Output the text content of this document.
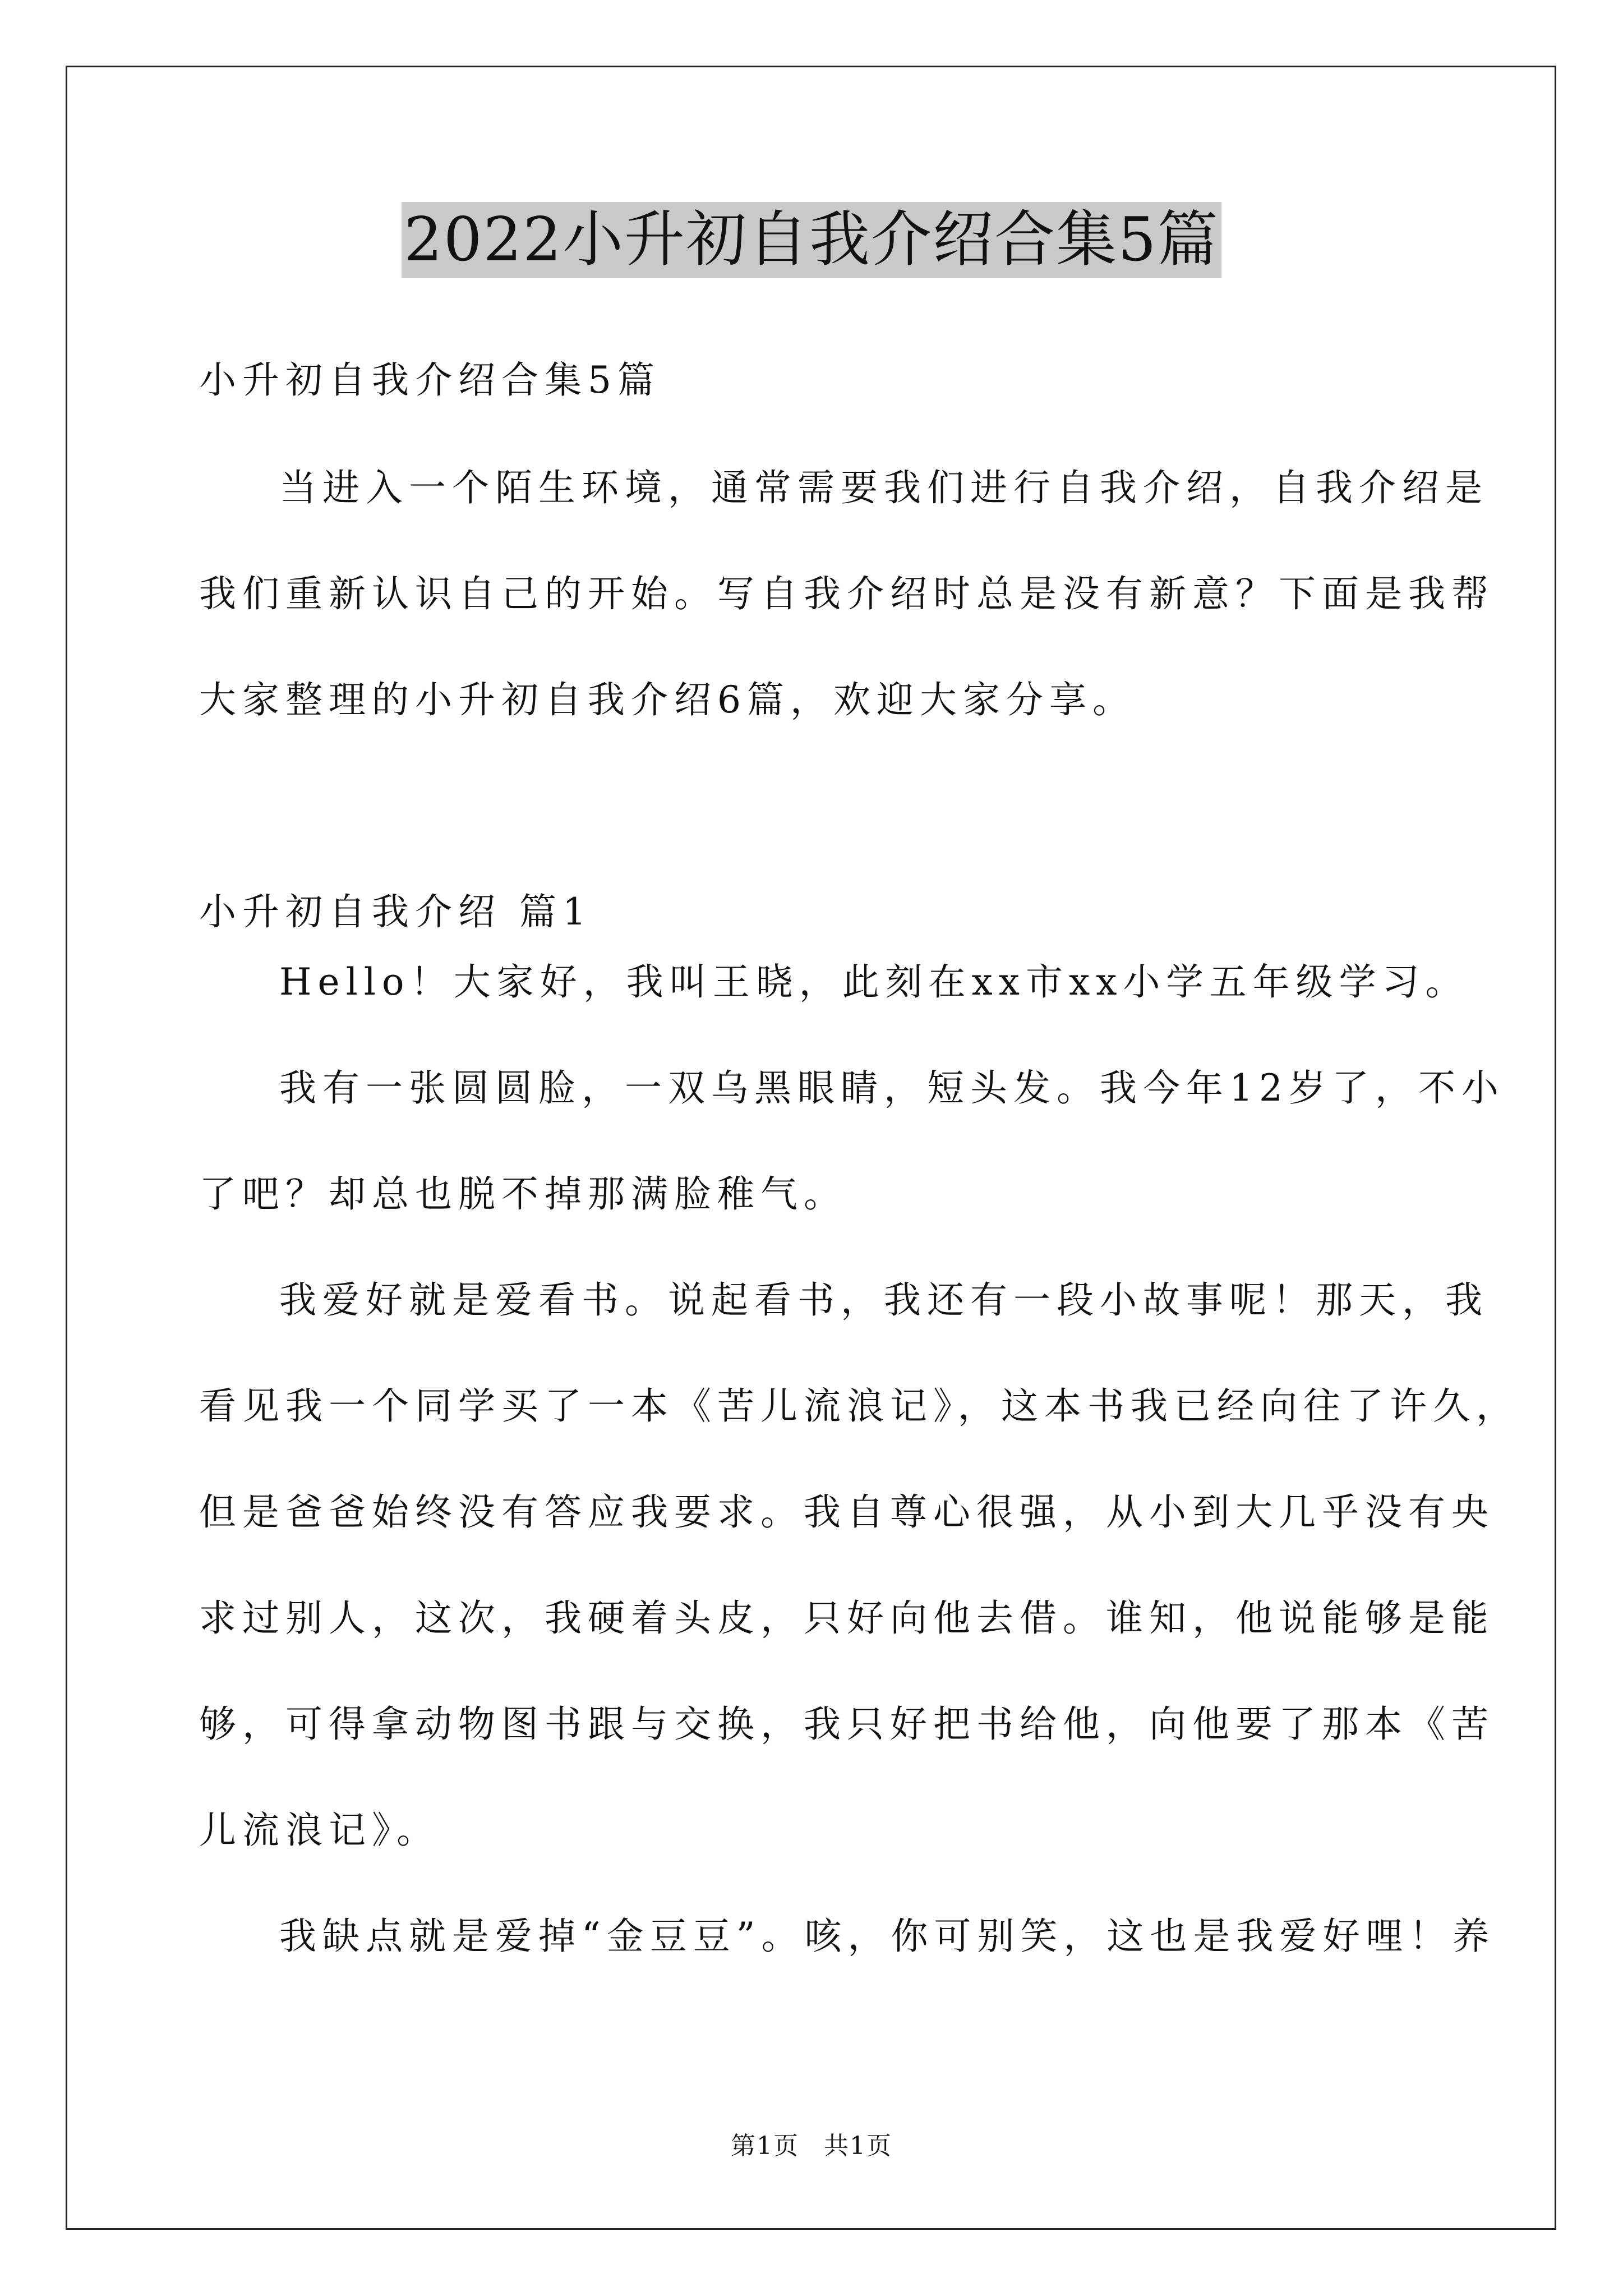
2022小升初自我介绍合集5篇
小升初自我介绍合集5篇
当进入一个陌生环境，通常需要我们进行自我介绍，自我介绍是
我们重新认识自己的开始。写自我介绍时总是没有新意？下面是我帮
大家整理的小升初自我介绍6篇，欢迎大家分享。
小升初自我介绍 篇1
Hello！大家好，我叫王晓，此刻在xx市xx小学五年级学习。
我有一张圆圆脸，一双乌黑眼睛，短头发。我今年12岁了，不小
了吧？却总也脱不掉那满脸稚气。
我爱好就是爱看书。说起看书，我还有一段小故事呢！那天，我
看见我一个同学买了一本《苦儿流浪记》，这本书我已经向往了许久，
但是爸爸始终没有答应我要求。我自尊心很强，从小到大几乎没有央
求过别人，这次，我硬着头皮，只好向他去借。谁知，他说能够是能
够，可得拿动物图书跟与交换，我只好把书给他，向他要了那本《苦
儿流浪记》。
我缺点就是爱掉“金豆豆”。咳，你可别笑，这也是我爱好哩！养
第1页 共1页
